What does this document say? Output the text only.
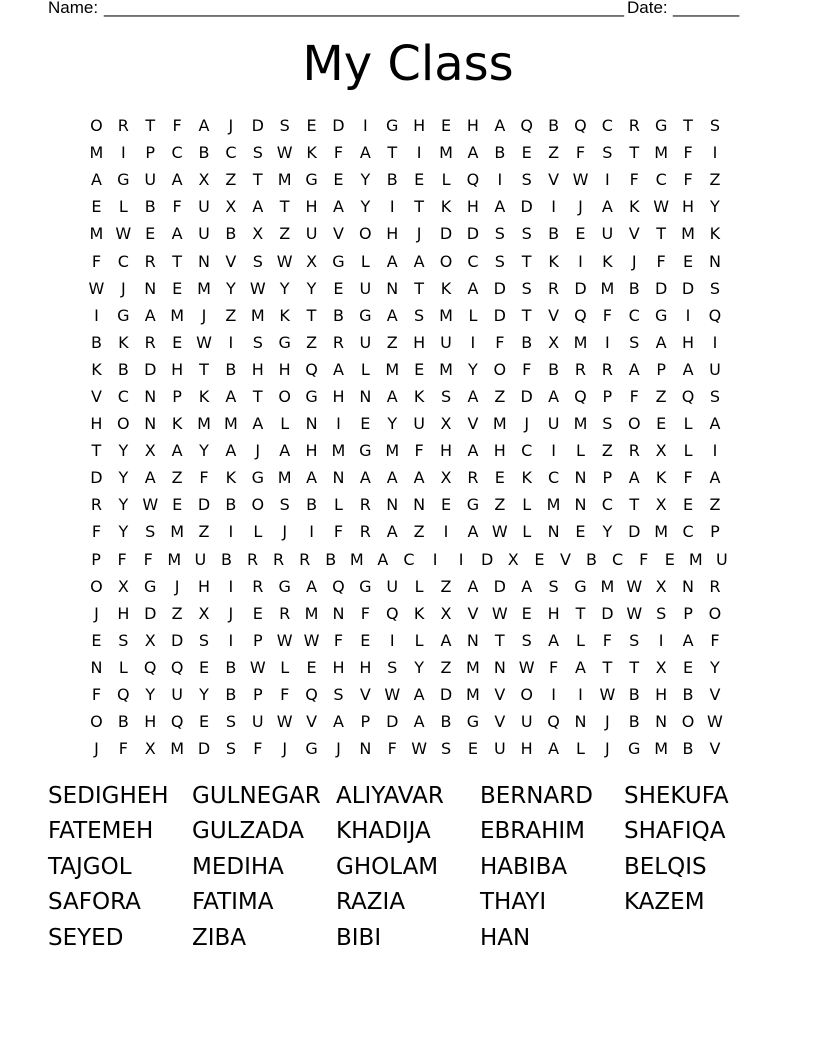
Name: _______________________________________________________ Date: _______
My Class
O R	T	F	A	J	D S	E D	I	G H E H A Q B Q C R G T	S
M	I	P	C B C	S W K	F	A	T	I	M A B	E	Z	F	S	T M F	I
A G U A X Z	T M G E	Y	B	E	L	Q	I	S	V W	I	F	C	F	Z
E	L	B	F	U X A	T H A	Y	I	T	K H A D	I	J	A	K W H Y
M W E	A U B X Z U V O H	J	D D S	S	B	E U V	T M K
F	C R	T	N V	S W X G	L	A A O C	S	T	K	I	K	J	F	E N
W	J	N E M Y W Y	Y	E U N	T	K	A D S	R D M B D D S
I	G A M	J	Z M K	T	B G A	S M L	D T	V Q	F	C G	I	Q
B	K	R	E W	I	S G Z R U Z H U	I	F	B X M	I	S	A H	I
K	B D H T	B H H Q A	L M E M Y O	F	B R R A	P	A U
V C N	P	K	A	T O G H N A	K	S	A Z D A Q P	F	Z Q S
H O N K M M A	L	N	I	E	Y	U X V M	J	U M S O E	L	A
T	Y	X A	Y	A	J	A H M G M F	H A H C	I	L	Z R X	L	I
D Y	A Z	F	K G M A N A A A X R	E	K	C N	P	A	K	F	A
R	Y W E D B O S	B	L	R N N E G Z	L M N C	T	X	E	Z
F	Y	S M Z	I	L	J	I	F	R A Z	I	A W L	N E	Y D M C	P
P	F	F M U B R R R B M A C	I	I	D X E V B C F	E M U
O X G	J	H	I	R G A Q G U	L	Z A D A	S G M W X N R
J	H D Z X	J	E	R M N	F Q K	X V W E H T D W S	P O
E	S	X D S	I	P W W F	E	I	L	A N	T	S	A	L	F	S	I	A	F
N	L	Q Q E	B W L	E H H S	Y	Z M N W F	A	T	T	X	E	Y
F Q Y	U	Y	B	P	F Q S	V W A D M V O	I	I	W B H B V
O B H Q E	S U W V A	P D A B G V U Q N	J	B N O W
J	F	X M D S	F	J	G	J	N	F W S	E U H A	L	J	G M B V
SEDIGHEH	GULNEGAR ALIYAVAR	BERNARD	SHEKUFA
FATEMEH	GULZADA	KHADIJA	EBRAHIM	SHAFIQA
TAJGOL	MEDIHA	GHOLAM	HABIBA	BELQIS
SAFORA	FATIMA	RAZIA	THAYI	KAZEM
SEYED	ZIBA	BIBI	HAN
